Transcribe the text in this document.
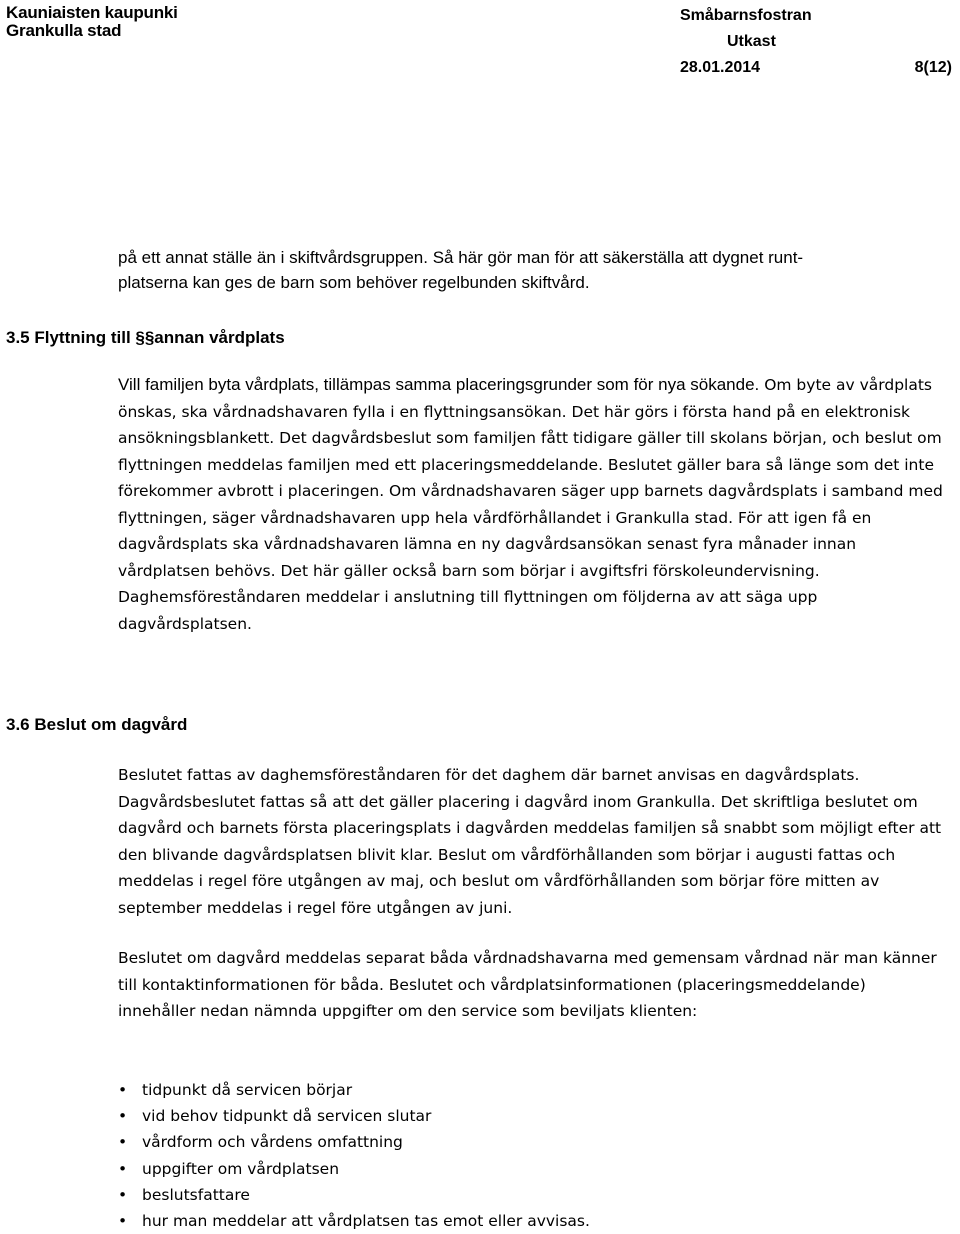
Kauniaisten kaupunki
Grankulla stad
Småbarnsfostran
Utkast
28.01.2014	8(12)

på ett annat ställe än i skiftvårdsgruppen. Så här gör man för att säkerställa att dygnet runt-
platserna kan ges de barn som behöver regelbunden skiftvård.

3.5 Flyttning till §§annan vårdplats

Vill familjen byta vårdplats, tillämpas samma placeringsgrunder som för nya sökande. Om byte av vårdplats önskas, ska vårdnadshavaren fylla i en flyttningsansökan. Det här görs i första hand på en elektronisk ansökningsblankett. Det dagvårdsbeslut som familjen fått tidigare gäller till skolans början, och beslut om flyttningen meddelas familjen med ett placeringsmeddelande. Beslutet gäller bara så länge som det inte förekommer avbrott i placeringen. Om vårdnadshavaren säger upp barnets dagvårdsplats i samband med flyttningen, säger vårdnadshavaren upp hela vårdförhållandet i Grankulla stad. För att igen få en dagvårdsplats ska vårdnadshavaren lämna en ny dagvårdsansökan senast fyra månader innan vårdplatsen behövs. Det här gäller också barn som börjar i avgiftsfri förskoleundervisning. Daghemsföreståndaren meddelar i anslutning till flyttningen om följderna av att säga upp dagvårdsplatsen.

3.6 Beslut om dagvård

Beslutet fattas av daghemsföreståndaren för det daghem där barnet anvisas en dagvårdsplats. Dagvårdsbeslutet fattas så att det gäller placering i dagvård inom Grankulla. Det skriftliga beslutet om dagvård och barnets första placeringsplats i dagvården meddelas familjen så snabbt som möjligt efter att den blivande dagvårdsplatsen blivit klar. Beslut om vårdförhållanden som börjar i augusti fattas och meddelas i regel före utgången av maj, och beslut om vårdförhållanden som börjar före mitten av september meddelas i regel före utgången av juni.

Beslutet om dagvård meddelas separat båda vårdnadshavarna med gemensam vårdnad när man känner till kontaktinformationen för båda. Beslutet och vårdplatsinformationen (placeringsmeddelande) innehåller nedan nämnda uppgifter om den service som beviljats klienten:

• tidpunkt då servicen börjar
• vid behov tidpunkt då servicen slutar
• vårdform och vårdens omfattning
• uppgifter om vårdplatsen
• beslutsfattare
• hur man meddelar att vårdplatsen tas emot eller avvisas.
